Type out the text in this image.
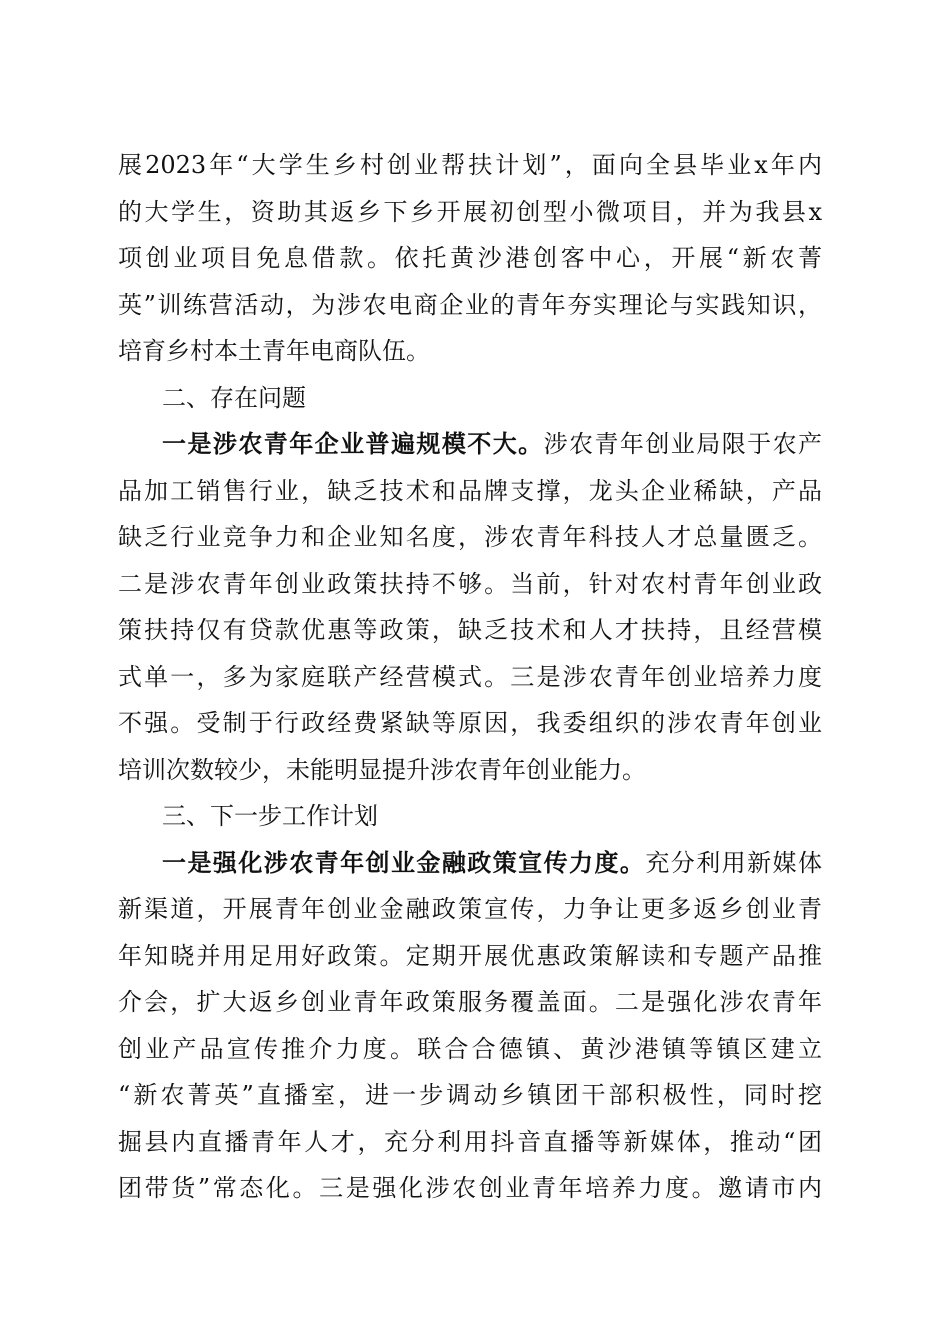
展2023年“大学生乡村创业帮扶计划”，面向全县毕业x年内
的大学生，资助其返乡下乡开展初创型小微项目，并为我县x
项创业项目免息借款。依托黄沙港创客中心，开展“新农菁
英”训练营活动，为涉农电商企业的青年夯实理论与实践知识，
培育乡村本土青年电商队伍。
二、存在问题
一是涉农青年企业普遍规模不大。涉农青年创业局限于农产
品加工销售行业，缺乏技术和品牌支撑，龙头企业稀缺，产品
缺乏行业竞争力和企业知名度，涉农青年科技人才总量匮乏。
二是涉农青年创业政策扶持不够。当前，针对农村青年创业政
策扶持仅有贷款优惠等政策，缺乏技术和人才扶持，且经营模
式单一，多为家庭联产经营模式。三是涉农青年创业培养力度
不强。受制于行政经费紧缺等原因，我委组织的涉农青年创业
培训次数较少，未能明显提升涉农青年创业能力。
三、下一步工作计划
一是强化涉农青年创业金融政策宣传力度。充分利用新媒体
新渠道，开展青年创业金融政策宣传，力争让更多返乡创业青
年知晓并用足用好政策。定期开展优惠政策解读和专题产品推
介会，扩大返乡创业青年政策服务覆盖面。二是强化涉农青年
创业产品宣传推介力度。联合合德镇、黄沙港镇等镇区建立
“新农菁英”直播室，进一步调动乡镇团干部积极性，同时挖
掘县内直播青年人才，充分利用抖音直播等新媒体，推动“团
团带货”常态化。三是强化涉农创业青年培养力度。邀请市内
